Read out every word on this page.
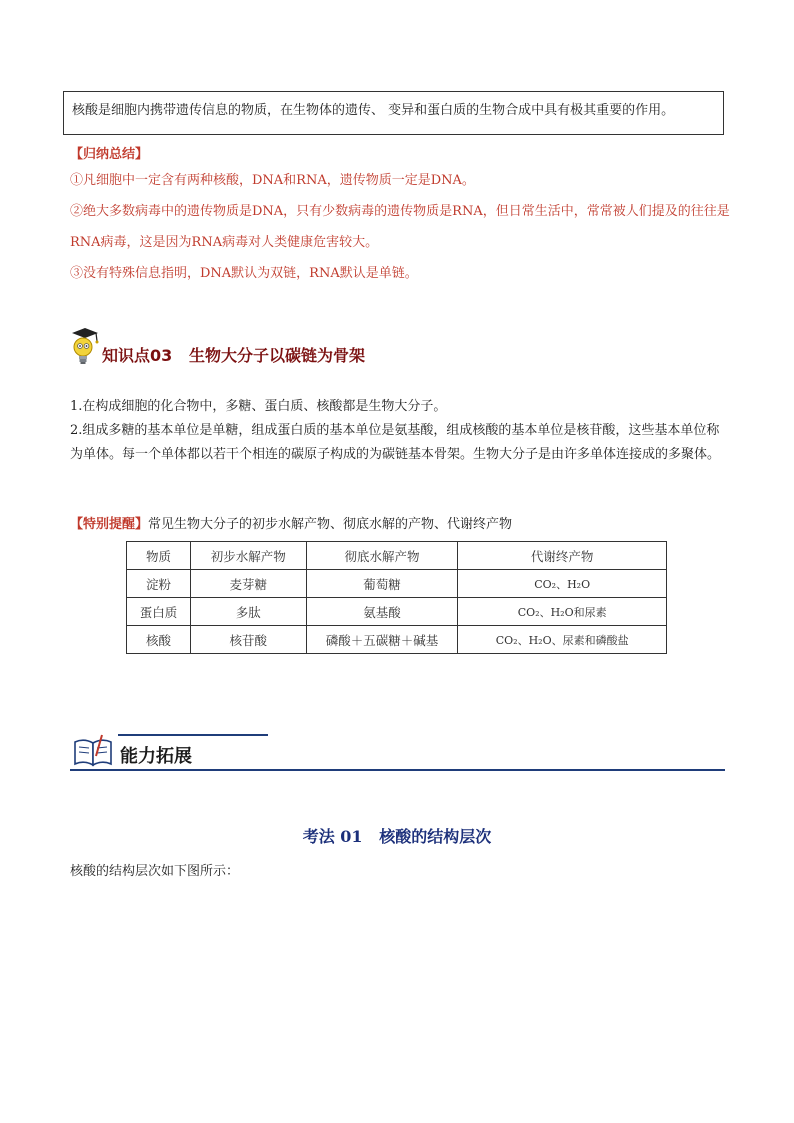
核酸是细胞内携带遗传信息的物质，在生物体的遗传、 变异和蛋白质的生物合成中具有极其重要的作用。
【归纳总结】

①凡细胞中一定含有两种核酸，DNA和RNA，遗传物质一定是DNA。

②绝大多数病毒中的遗传物质是DNA，只有少数病毒的遗传物质是RNA，但日常生活中，常常被人们提及的往往是RNA病毒，这是因为RNA病毒对人类健康危害较大。

③没有特殊信息指明，DNA默认为双链，RNA默认是单链。

知识点03   生物大分子以碳链为骨架

1.在构成细胞的化合物中，多糖、蛋白质、核酸都是生物大分子。

2.组成多糖的基本单位是单糖，组成蛋白质的基本单位是氨基酸，组成核酸的基本单位是核苷酸，这些基本单位称为单体。每一个单体都以若干个相连的碳原子构成的为碳链基本骨架。生物大分子是由许多单体连接成的多聚体。

【特别提醒】常见生物大分子的初步水解产物、彻底水解的产物、代谢终产物
物质	初步水解产物	彻底水解产物	代谢终产物
淀粉	麦芽糖	葡萄糖	CO₂、H₂O
蛋白质	多肽	氨基酸	CO₂、H₂O和尿素
核酸	核苷酸	磷酸＋五碳糖＋碱基	CO₂、H₂O、尿素和磷酸盐
能力拓展
考法 01   核酸的结构层次
核酸的结构层次如下图所示：
